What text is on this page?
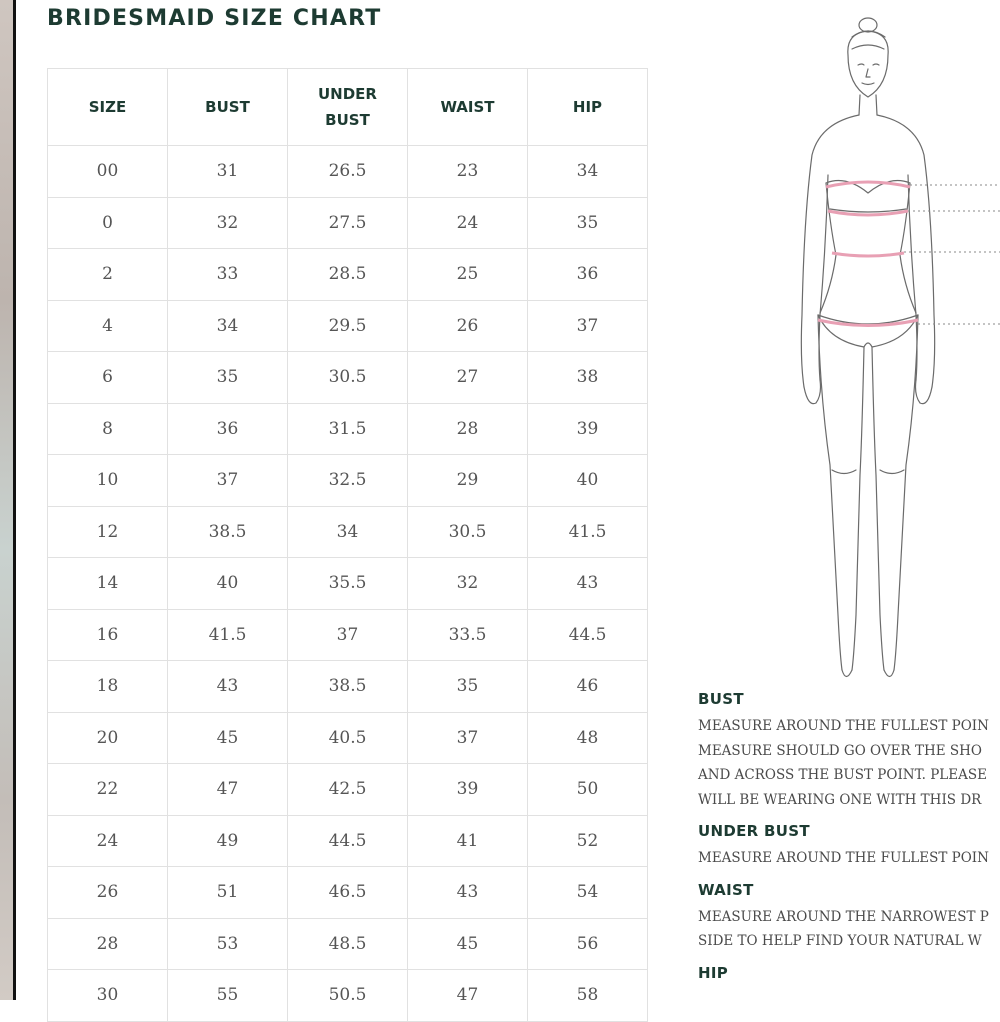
BRIDESMAID SIZE CHART
SIZE	BUST	UNDER BUST	WAIST	HIP
00	31	26.5	23	34
0	32	27.5	24	35
2	33	28.5	25	36
4	34	29.5	26	37
6	35	30.5	27	38
8	36	31.5	28	39
10	37	32.5	29	40
12	38.5	34	30.5	41.5
14	40	35.5	32	43
16	41.5	37	33.5	44.5
18	43	38.5	35	46
20	45	40.5	37	48
22	47	42.5	39	50
24	49	44.5	41	52
26	51	46.5	43	54
28	53	48.5	45	56
30	55	50.5	47	58
BUST
MEASURE AROUND THE FULLEST POIN
MEASURE SHOULD GO OVER THE SHO
AND ACROSS THE BUST POINT. PLEASE
WILL BE WEARING ONE WITH THIS DR
UNDER BUST
MEASURE AROUND THE FULLEST POIN
WAIST
MEASURE AROUND THE NARROWEST P
SIDE TO HELP FIND YOUR NATURAL W
HIP
